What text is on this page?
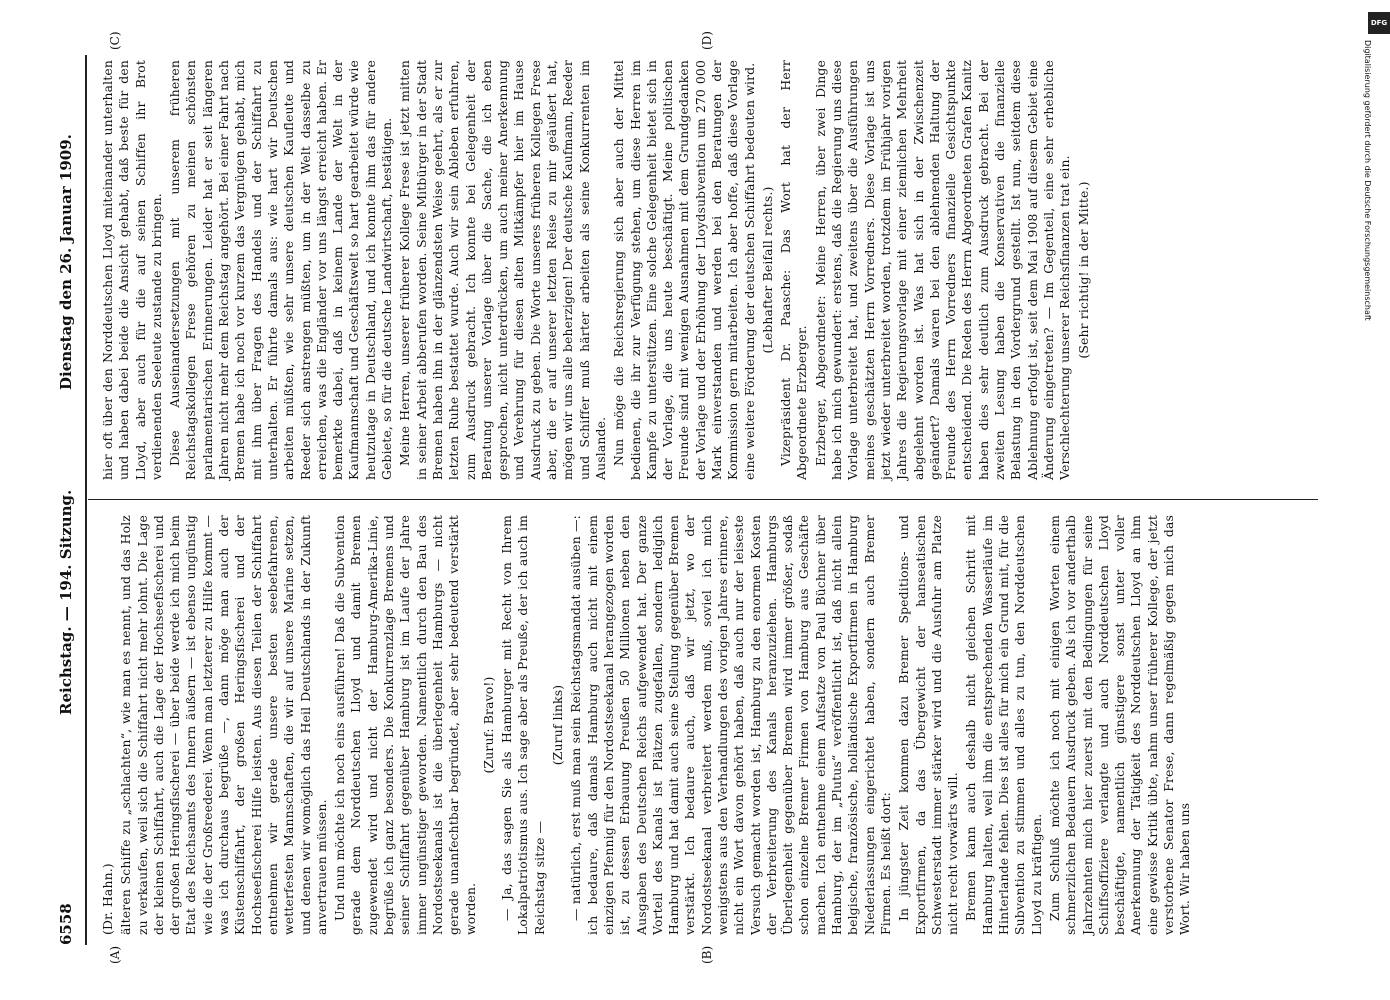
6558
Reichstag. — 194. Sitzung.
Dienstag den 26. Januar 1909.
(A)	(B)
(C)	(D)

(Dr. Hahn.) älteren Schiffe zu „schlachten“, wie man es nennt, und das Holz zu verkaufen, weil sich die Schiffahrt nicht mehr lohnt. Die Lage der kleinen Schiffahrt, auch die Lage der Hochseefischerei und der großen Heringsfischerei — über beide werde ich mich beim Etat des Reichsamts des Innern äußern — ist ebenso ungünstig wie die der Großreederei. Wenn man letzterer zu Hilfe kommt — was ich durchaus begrüße —, dann möge man auch der Küstenschiffahrt, der großen Heringsfischerei und der Hochseefischerei Hilfe leisten. Aus diesen Teilen der Schiffahrt entnehmen wir gerade unsere besten seebefahrenen, wetterfesten Mannschaften, die wir auf unsere Marine setzen, und denen wir womöglich das Heil Deutschlands in der Zukunft anvertrauen müssen. Und nun möchte ich noch eins ausführen! Daß die Subvention gerade dem Norddeutschen Lloyd und damit Bremen zugewendet wird und nicht der Hamburg-Amerika-Linie, begrüße ich ganz besonders. Die Konkurrenzlage Bremens und seiner Schiffahrt gegenüber Hamburg ist im Laufe der Jahre immer ungünstiger geworden. Namentlich durch den Bau des Nordostseekanals ist die überlegenheit Hamburgs — nicht gerade unanfechtbar begründet, aber sehr bedeutend verstärkt worden.

(Zuruf: Bravo!) — Ja, das sagen Sie als Hamburger mit Recht von Ihrem Lokalpatriotismus aus. Ich sage aber als Preuße, der ich auch im Reichstag sitze —

(Zuruf links) — natürlich, erst muß man sein Reichstagsmandat ausüben —: ich bedaure, daß damals Hamburg auch nicht mit einem einzigen Pfennig für den Nordostseekanal herangezogen worden ist, zu dessen Erbauung Preußen 50 Millionen neben den Ausgaben des Deutschen Reichs aufgewendet hat. Der ganze Vorteil des Kanals ist Plätzen zugefallen, sondern lediglich Hamburg und hat damit auch seine Stellung gegenüber Bremen verstärkt. Ich bedaure auch, daß wir jetzt, wo der Nordostseekanal verbreitert werden muß, soviel ich mich wenigstens aus den Verhandlungen des vorigen Jahres erinnere, nicht ein Wort davon gehört haben, daß auch nur der leiseste Versuch gemacht worden ist, Hamburg zu den enormen Kosten der Verbreiterung des Kanals heranzuziehen. Hamburgs Überlegenheit gegenüber Bremen wird immer größer, sodaß schon einzelne Bremer Firmen von Hamburg aus Geschäfte machen. Ich entnehme einem Aufsatze von Paul Büchner über Hamburg, der im „Plutus“ veröffentlicht ist, daß nicht allein belgische, französische, holländische Exportfirmen in Hamburg Niederlassungen eingerichtet haben, sondern auch Bremer Firmen. Es heißt dort: In jüngster Zeit kommen dazu Bremer Speditions- und Exportfirmen, da das Übergewicht der hanseatischen Schwesterstadt immer stärker wird und die Ausfuhr am Platze nicht recht vorwärts will. Bremen kann auch deshalb nicht gleichen Schritt mit Hamburg halten, weil ihm die entsprechenden Wasserläufe im Hinterlande fehlen. Dies ist alles für mich ein Grund mit, für die Subvention zu stimmen und alles zu tun, den Norddeutschen Lloyd zu kräftigen. Zum Schluß möchte ich noch mit einigen Worten einem schmerzlichen Bedauern Ausdruck geben. Als ich vor anderthalb Jahrzehnten mich hier zuerst mit den Bedingungen für seine Schiffsoffiziere verlangte und auch Norddeutschen Lloyd beschäftigte, namentlich günstigere sonst unter voller Anerkennung der Tätigkeit des Norddeutschen Lloyd an ihm eine gewisse Kritik übte, nahm unser früherer Kollege, der jetzt verstorbene Senator Frese, dann regelmäßig gegen mich das Wort. Wir haben uns

hier oft über den Norddeutschen Lloyd miteinander unterhalten und haben dabei beide die Ansicht gehabt, daß beste für den Lloyd, aber auch für die auf seinen Schiffen ihr Brot verdienenden Seeleute zustande zu bringen. Diese Auseinandersetzungen mit unserem früheren Reichstagskollegen Frese gehören zu meinen schönsten parlamentarischen Erinnerungen. Leider hat er seit längeren Jahren nicht mehr dem Reichstag angehört. Bei einer Fahrt nach Bremen habe ich noch vor kurzem das Vergnügen gehabt, mich mit ihm über Fragen des Handels und der Schiffahrt zu unterhalten. Er führte damals aus: wie hart wir Deutschen arbeiten müßten, wie sehr unsere deutschen Kaufleute und Reeder sich anstrengen müßten, um in der Welt dasselbe zu erreichen, was die Engländer vor uns längst erreicht haben. Er bemerkte dabei, daß in keinem Lande der Welt in der Kaufmannschaft und Geschäftswelt so hart gearbeitet würde wie heutzutage in Deutschland, und ich konnte ihm das für andere Gebiete, so für die deutsche Landwirtschaft, bestätigen. Meine Herren, unserer früherer Kollege Frese ist jetzt mitten in seiner Arbeit abberufen worden. Seine Mitbürger in der Stadt Bremen haben ihn in der glänzendsten Weise geehrt, als er zur letzten Ruhe bestattet wurde. Auch wir sein Ableben erfuhren, zum Ausdruck gebracht. Ich konnte bei Gelegenheit der Beratung unserer Vorlage über die Sache, die ich eben gesprochen, nicht unterdrücken, um auch meiner Anerkennung und Verehrung für diesen alten Mitkämpfer hier im Hause Ausdruck zu geben. Die Worte unseres früheren Kollegen Frese aber, die er auf unserer letzten Reise zu mir geäußert hat, mögen wir uns alle beherzigen! Der deutsche Kaufmann, Reeder und Schiffer muß härter arbeiten als seine Konkurrenten im Auslande. Nun möge die Reichsregierung sich aber auch der Mittel bedienen, die ihr zur Verfügung stehen, um diese Herren im Kampfe zu unterstützen. Eine solche Gelegenheit bietet sich in der Vorlage, die uns heute beschäftigt. Meine politischen Freunde sind mit wenigen Ausnahmen mit dem Grundgedanken der Vorlage und der Erhöhung der Lloydsubvention um 270 000 Mark einverstanden und werden bei den Beratungen der Kommission gern mitarbeiten. Ich aber hoffe, daß diese Vorlage eine weitere Förderung der deutschen Schiffahrt bedeuten wird. (Lebhafter Beifall rechts.) Vizepräsident Dr. Paasche: Das Wort hat der Herr Abgeordnete Erzberger. Erzberger, Abgeordneter: Meine Herren, über zwei Dinge habe ich mich gewundert: erstens, daß die Regierung uns diese Vorlage unterbreitet hat, und zweitens über die Ausführungen meines geschätzten Herrn Vorredners. Diese Vorlage ist uns jetzt wieder unterbreitet worden, trotzdem im Frühjahr vorigen Jahres die Regierungsvorlage mit einer ziemlichen Mehrheit abgelehnt worden ist. Was hat sich in der Zwischenzeit geändert? Damals waren bei den ablehnenden Haltung der Freunde des Herrn Vorredners finanzielle Gesichtspunkte entscheidend. Die Reden des Herrn Abgeordneten Grafen Kanitz haben dies sehr deutlich zum Ausdruck gebracht. Bei der zweiten Lesung haben die Konservativen die finanzielle Belastung in den Vordergrund gestellt. Ist nun, seitdem diese Ablehnung erfolgt ist, seit dem Mai 1908 auf diesem Gebiet eine Änderung eingetreten? — Im Gegenteil, eine sehr erhebliche Verschlechterung unserer Reichsfinanzen trat ein. (Sehr richtig! in der Mitte.)

DFG
Digitalisierung gefördert durch die Deutsche Forschungsgemeinschaft
